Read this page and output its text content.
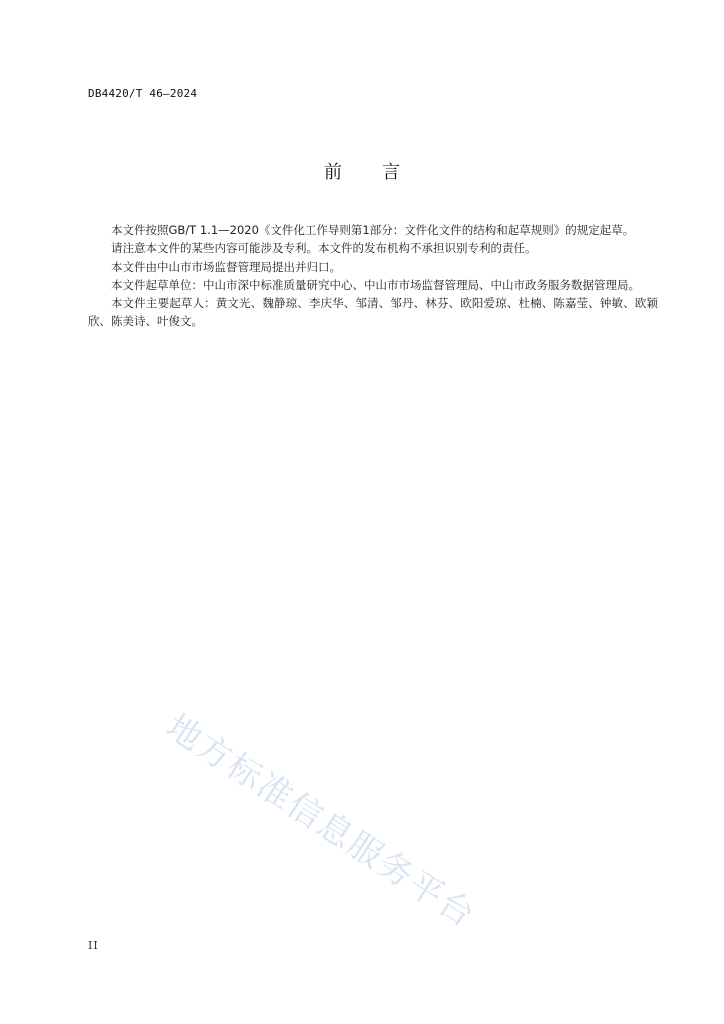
DB4420/T 46—2024
前言

本文件按照GB/T 1.1—2020《文件化工作导则第1部分：文件化文件的结构和起草规则》的规定起草。

请注意本文件的某些内容可能涉及专利。本文件的发布机构不承担识别专利的责任。

本文件由中山市市场监督管理局提出并归口。

本文件起草单位：中山市深中标准质量研究中心、中山市市场监督管理局、中山市政务服务数据管理局。

本文件主要起草人：黄文光、魏静琼、李庆华、邹清、邹丹、林芬、欧阳爱琼、杜楠、陈嘉莹、钟敏、欧颖欣、陈美诗、叶俊文。

地方标准信息服务平台
II
